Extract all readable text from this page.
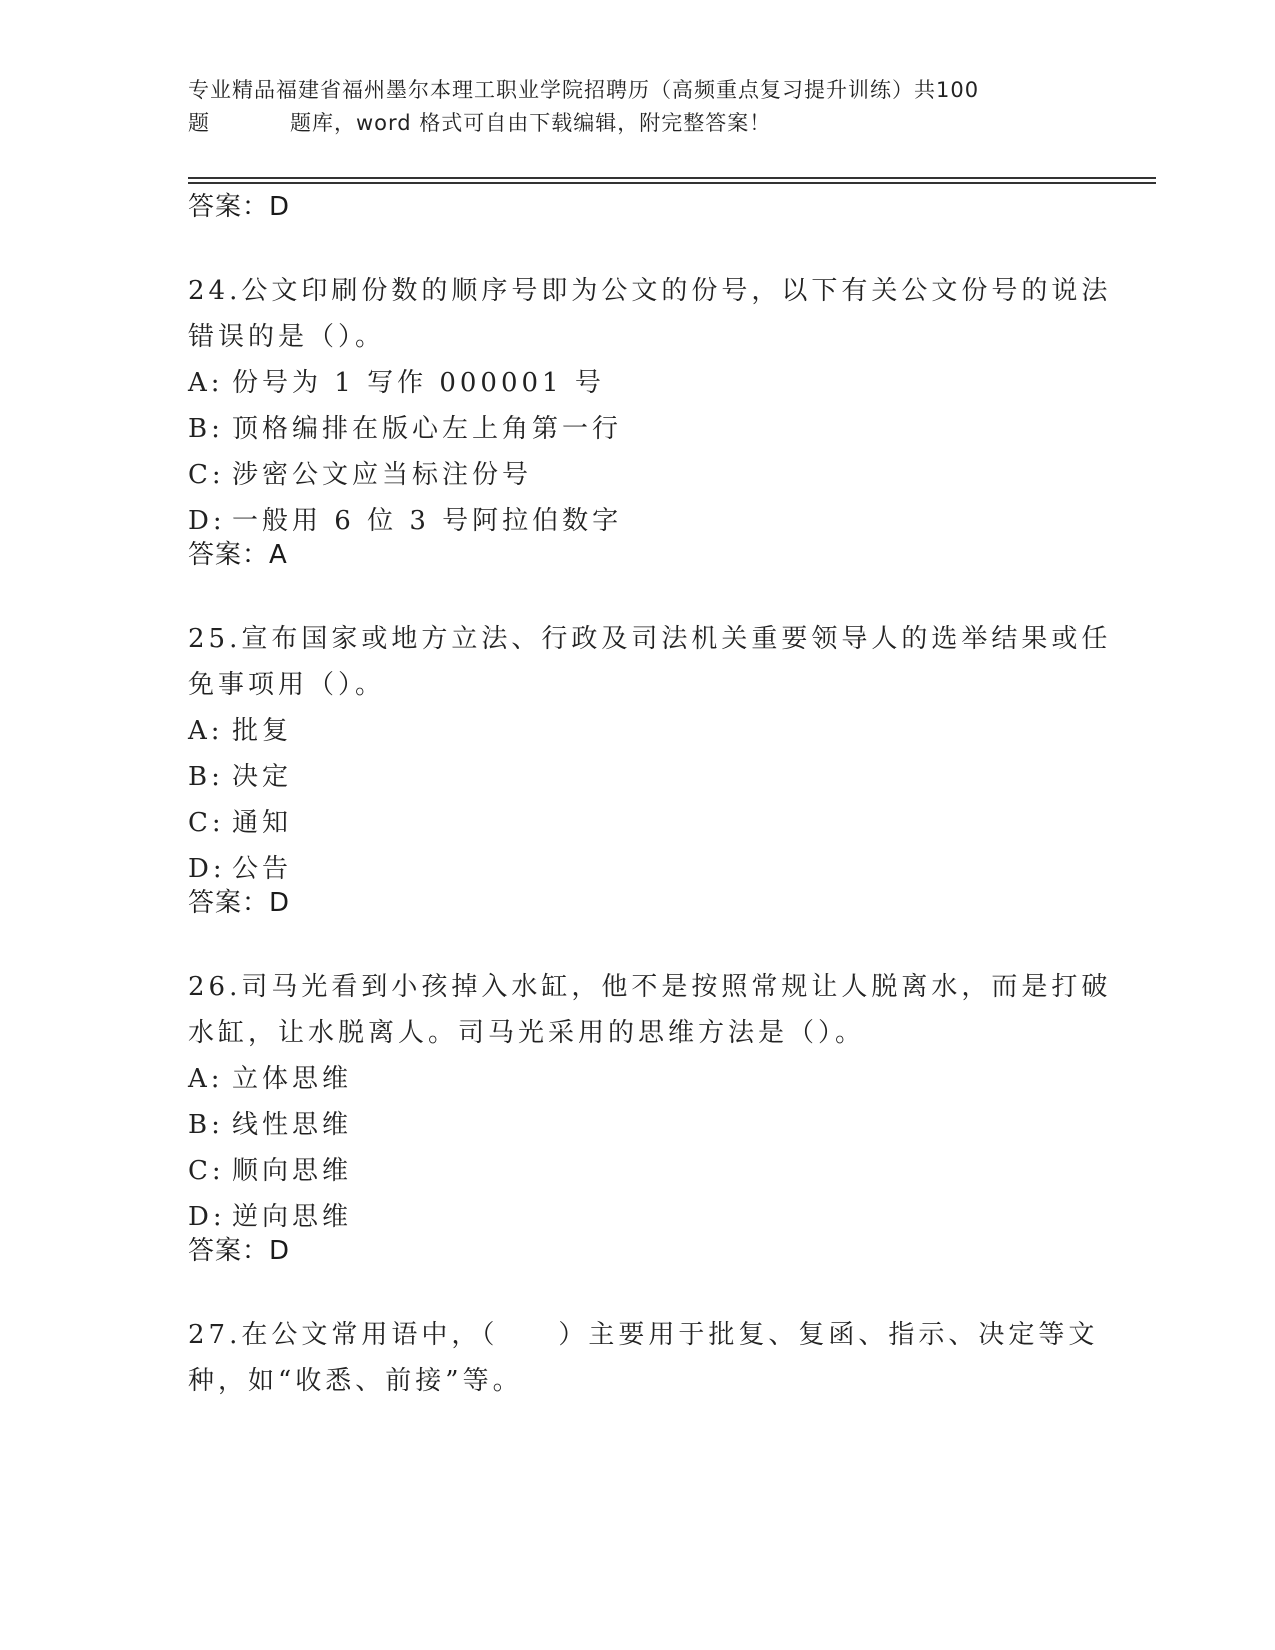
专业精品福建省福州墨尔本理工职业学院招聘历（高频重点复习提升训练）共100
题	题库，word 格式可自由下载编辑，附完整答案！
答案：D
24.公文印刷份数的顺序号即为公文的份号，以下有关公文份号的说法
错误的是（）。
A: 份号为 1 写作 000001 号
B: 顶格编排在版心左上角第一行
C: 涉密公文应当标注份号
D: 一般用 6 位 3 号阿拉伯数字
答案：A
25.宣布国家或地方立法、行政及司法机关重要领导人的选举结果或任
免事项用（）。
A: 批复
B: 决定
C: 通知
D: 公告
答案：D
26.司马光看到小孩掉入水缸，他不是按照常规让人脱离水，而是打破
水缸，让水脱离人。司马光采用的思维方法是（）。
A: 立体思维
B: 线性思维
C: 顺向思维
D: 逆向思维
答案：D
27.在公文常用语中，（　　）主要用于批复、复函、指示、决定等文
种，如“收悉、前接”等。
